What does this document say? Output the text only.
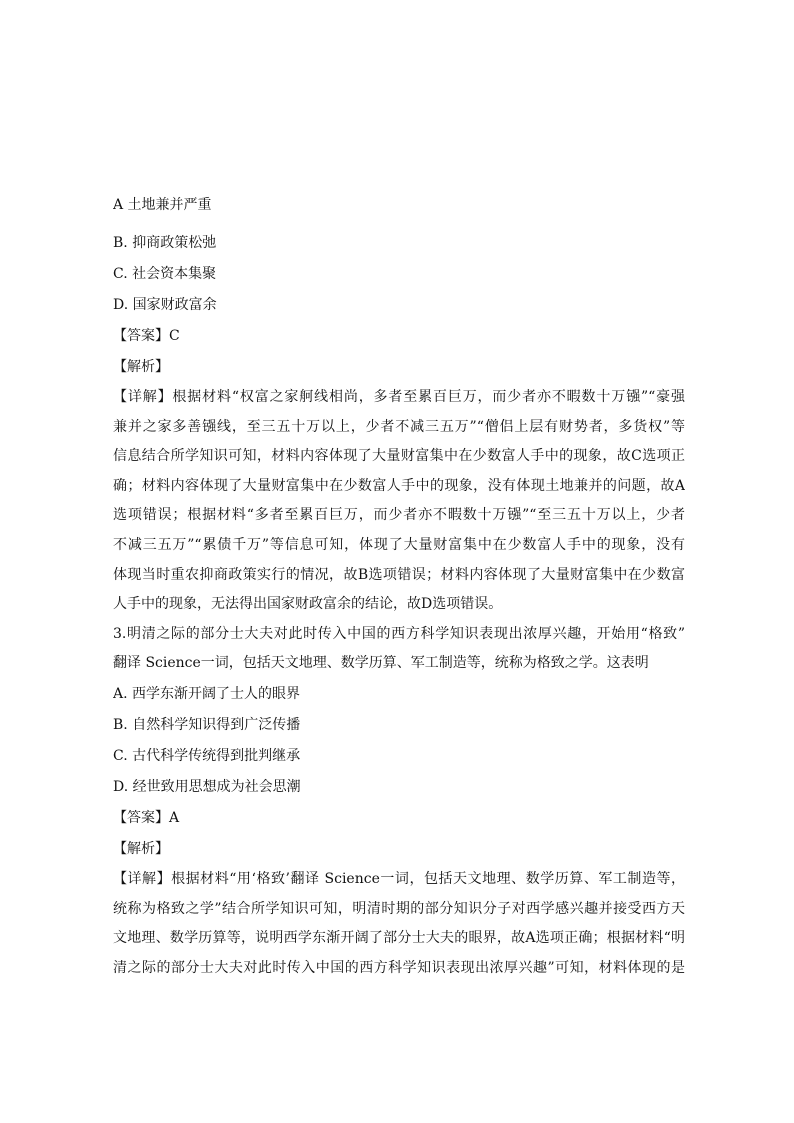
A 土地兼并严重
B. 抑商政策松弛
C. 社会资本集聚
D. 国家财政富余
【答案】C
【解析】
【详解】根据材料“权富之家舸线相尚，多者至累百巨万，而少者亦不暇数十万镪”“豪强
兼并之家多善镪线，至三五十万以上，少者不减三五万”“僧侣上层有财势者，多货权”等
信息结合所学知识可知，材料内容体现了大量财富集中在少数富人手中的现象，故C选项正
确；材料内容体现了大量财富集中在少数富人手中的现象，没有体现土地兼并的问题，故A
选项错误；根据材料“多者至累百巨万，而少者亦不暇数十万镪”“至三五十万以上，少者
不减三五万”“累债千万”等信息可知，体现了大量财富集中在少数富人手中的现象，没有
体现当时重农抑商政策实行的情况，故B选项错误；材料内容体现了大量财富集中在少数富
人手中的现象，无法得出国家财政富余的结论，故D选项错误。
3.明清之际的部分士大夫对此时传入中国的西方科学知识表现出浓厚兴趣，开始用“格致”
翻译 Science一词，包括天文地理、数学历算、军工制造等，统称为格致之学。这表明
A. 西学东渐开阔了士人的眼界
B. 自然科学知识得到广泛传播
C. 古代科学传统得到批判继承
D. 经世致用思想成为社会思潮
【答案】A
【解析】
【详解】根据材料“用‘格致’翻译 Science一词，包括天文地理、数学历算、军工制造等，
统称为格致之学”结合所学知识可知，明清时期的部分知识分子对西学感兴趣并接受西方天
文地理、数学历算等，说明西学东渐开阔了部分士大夫的眼界，故A选项正确；根据材料“明
清之际的部分士大夫对此时传入中国的西方科学知识表现出浓厚兴趣”可知，材料体现的是
